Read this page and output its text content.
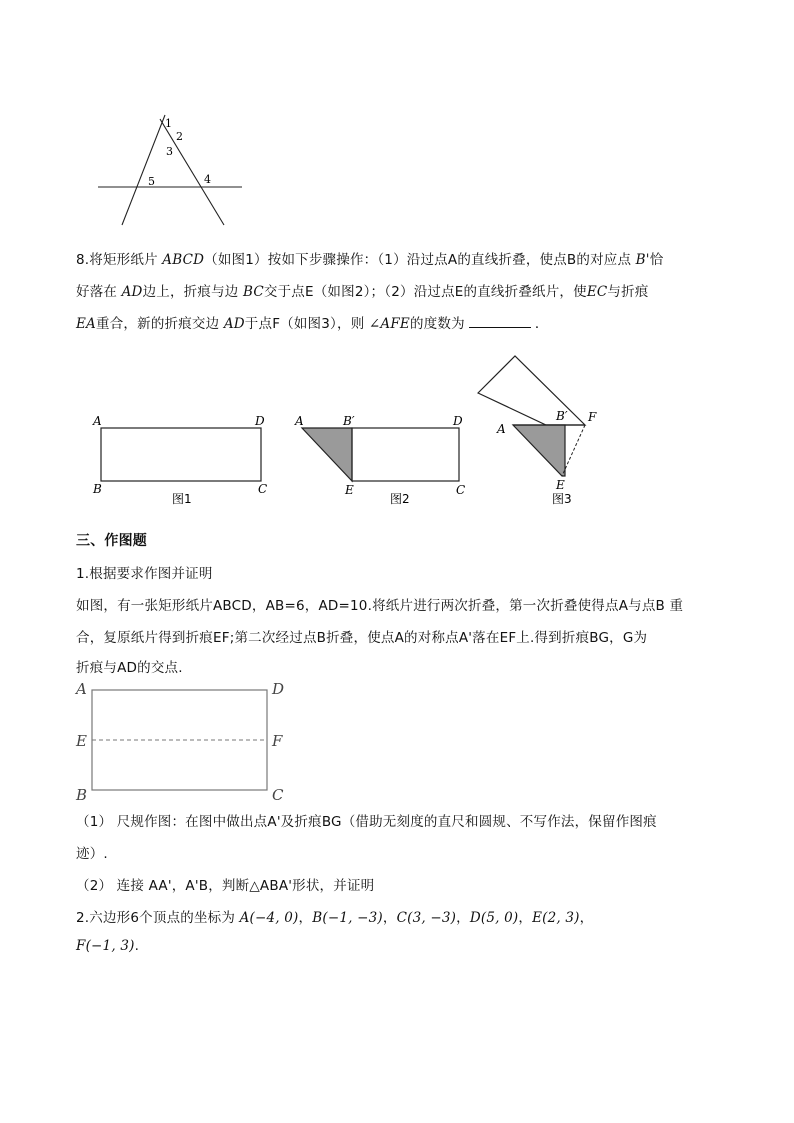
1
2
3
4
5
8.将矩形纸片 ABCD（如图1）按如下步骤操作：（1）沿过点A的直线折叠，使点B的对应点 B'恰
好落在 AD边上，折痕与边 BC交于点E（如图2）；（2）沿过点E的直线折叠纸片，使EC与折痕
EA重合，新的折痕交边 AD于点F（如图3），则 ∠AFE的度数为	．
A	D
B	C
图1
A	B′	D
E	C
图2
A
B′ F
E
图3
三、作图题
1.根据要求作图并证明
如图，有一张矩形纸片ABCD，AB=6，AD=10.将纸片进行两次折叠，第一次折叠使得点A与点B 重
合，复原纸片得到折痕EF;第二次经过点B折叠，使点A的对称点A'落在EF上.得到折痕BG，G为
折痕与AD的交点.
A	D
E	F
B	C
（1） 尺规作图：在图中做出点A'及折痕BG（借助无刻度的直尺和圆规、不写作法，保留作图痕
迹）.
（2） 连接 AA'，A'B，判断△ABA'形状，并证明
2.六边形6个顶点的坐标为 A(−4, 0)，B(−1, −3)，C(3, −3)，D(5, 0)，E(2, 3)，
F(−1, 3).
